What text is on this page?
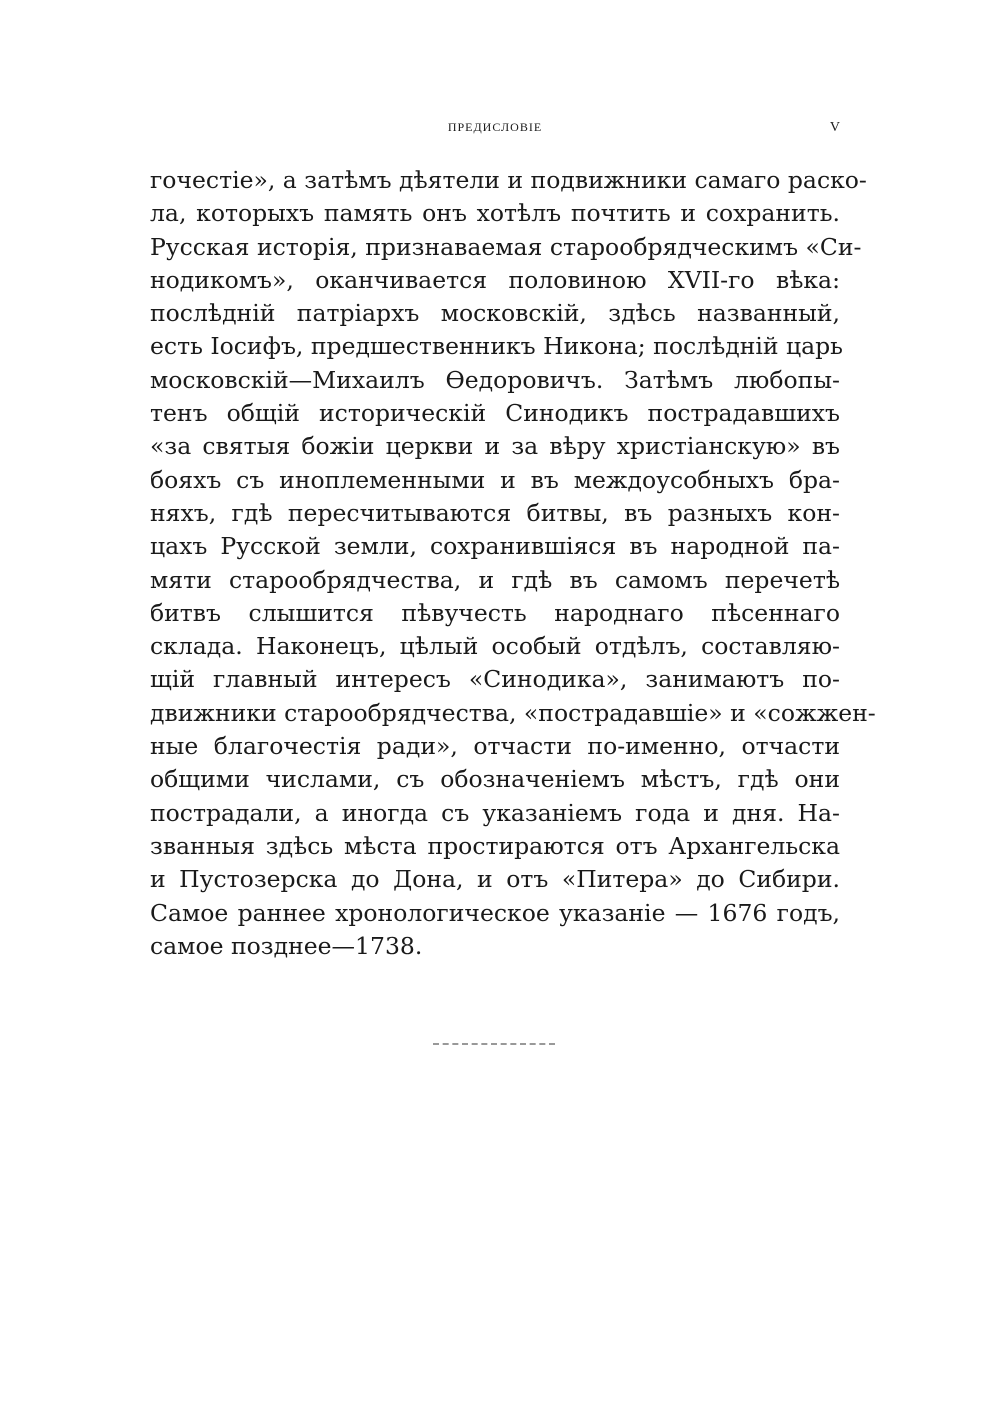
ПРЕДИСЛОВІЕ	V
гочестіе», а затѣмъ дѣятели и подвижники самаго раско-
ла, которыхъ память онъ хотѣлъ почтить и сохранить.
Русская исторія, признаваемая старообрядческимъ «Си-
нодикомъ», оканчивается половиною XVII-го вѣка:
послѣдній патріархъ московскій, здѣсь названный,
есть Іосифъ, предшественникъ Никона; послѣдній царь
московскій—Михаилъ Ѳедоровичъ. Затѣмъ любопы-
тенъ общій историческій Синодикъ пострадавшихъ
«за святыя божіи церкви и за вѣру христіанскую» въ
бояхъ съ иноплеменными и въ междоусобныхъ бра-
няхъ, гдѣ пересчитываются битвы, въ разныхъ кон-
цахъ Русской земли, сохранившіяся въ народной па-
мяти старообрядчества, и гдѣ въ самомъ перечетѣ
битвъ слышится пѣвучесть народнаго пѣсеннаго
склада. Наконецъ, цѣлый особый отдѣлъ, составляю-
щій главный интересъ «Синодика», занимаютъ по-
движники старообрядчества, «пострадавшіе» и «сожжен-
ные благочестія ради», отчасти по-именно, отчасти
общими числами, съ обозначеніемъ мѣстъ, гдѣ они
пострадали, а иногда съ указаніемъ года и дня. На-
званныя здѣсь мѣста простираются отъ Архангельска
и Пустозерска до Дона, и отъ «Питера» до Сибири.
Самое раннее хронологическое указаніе — 1676 годъ,
самое позднее—1738.
